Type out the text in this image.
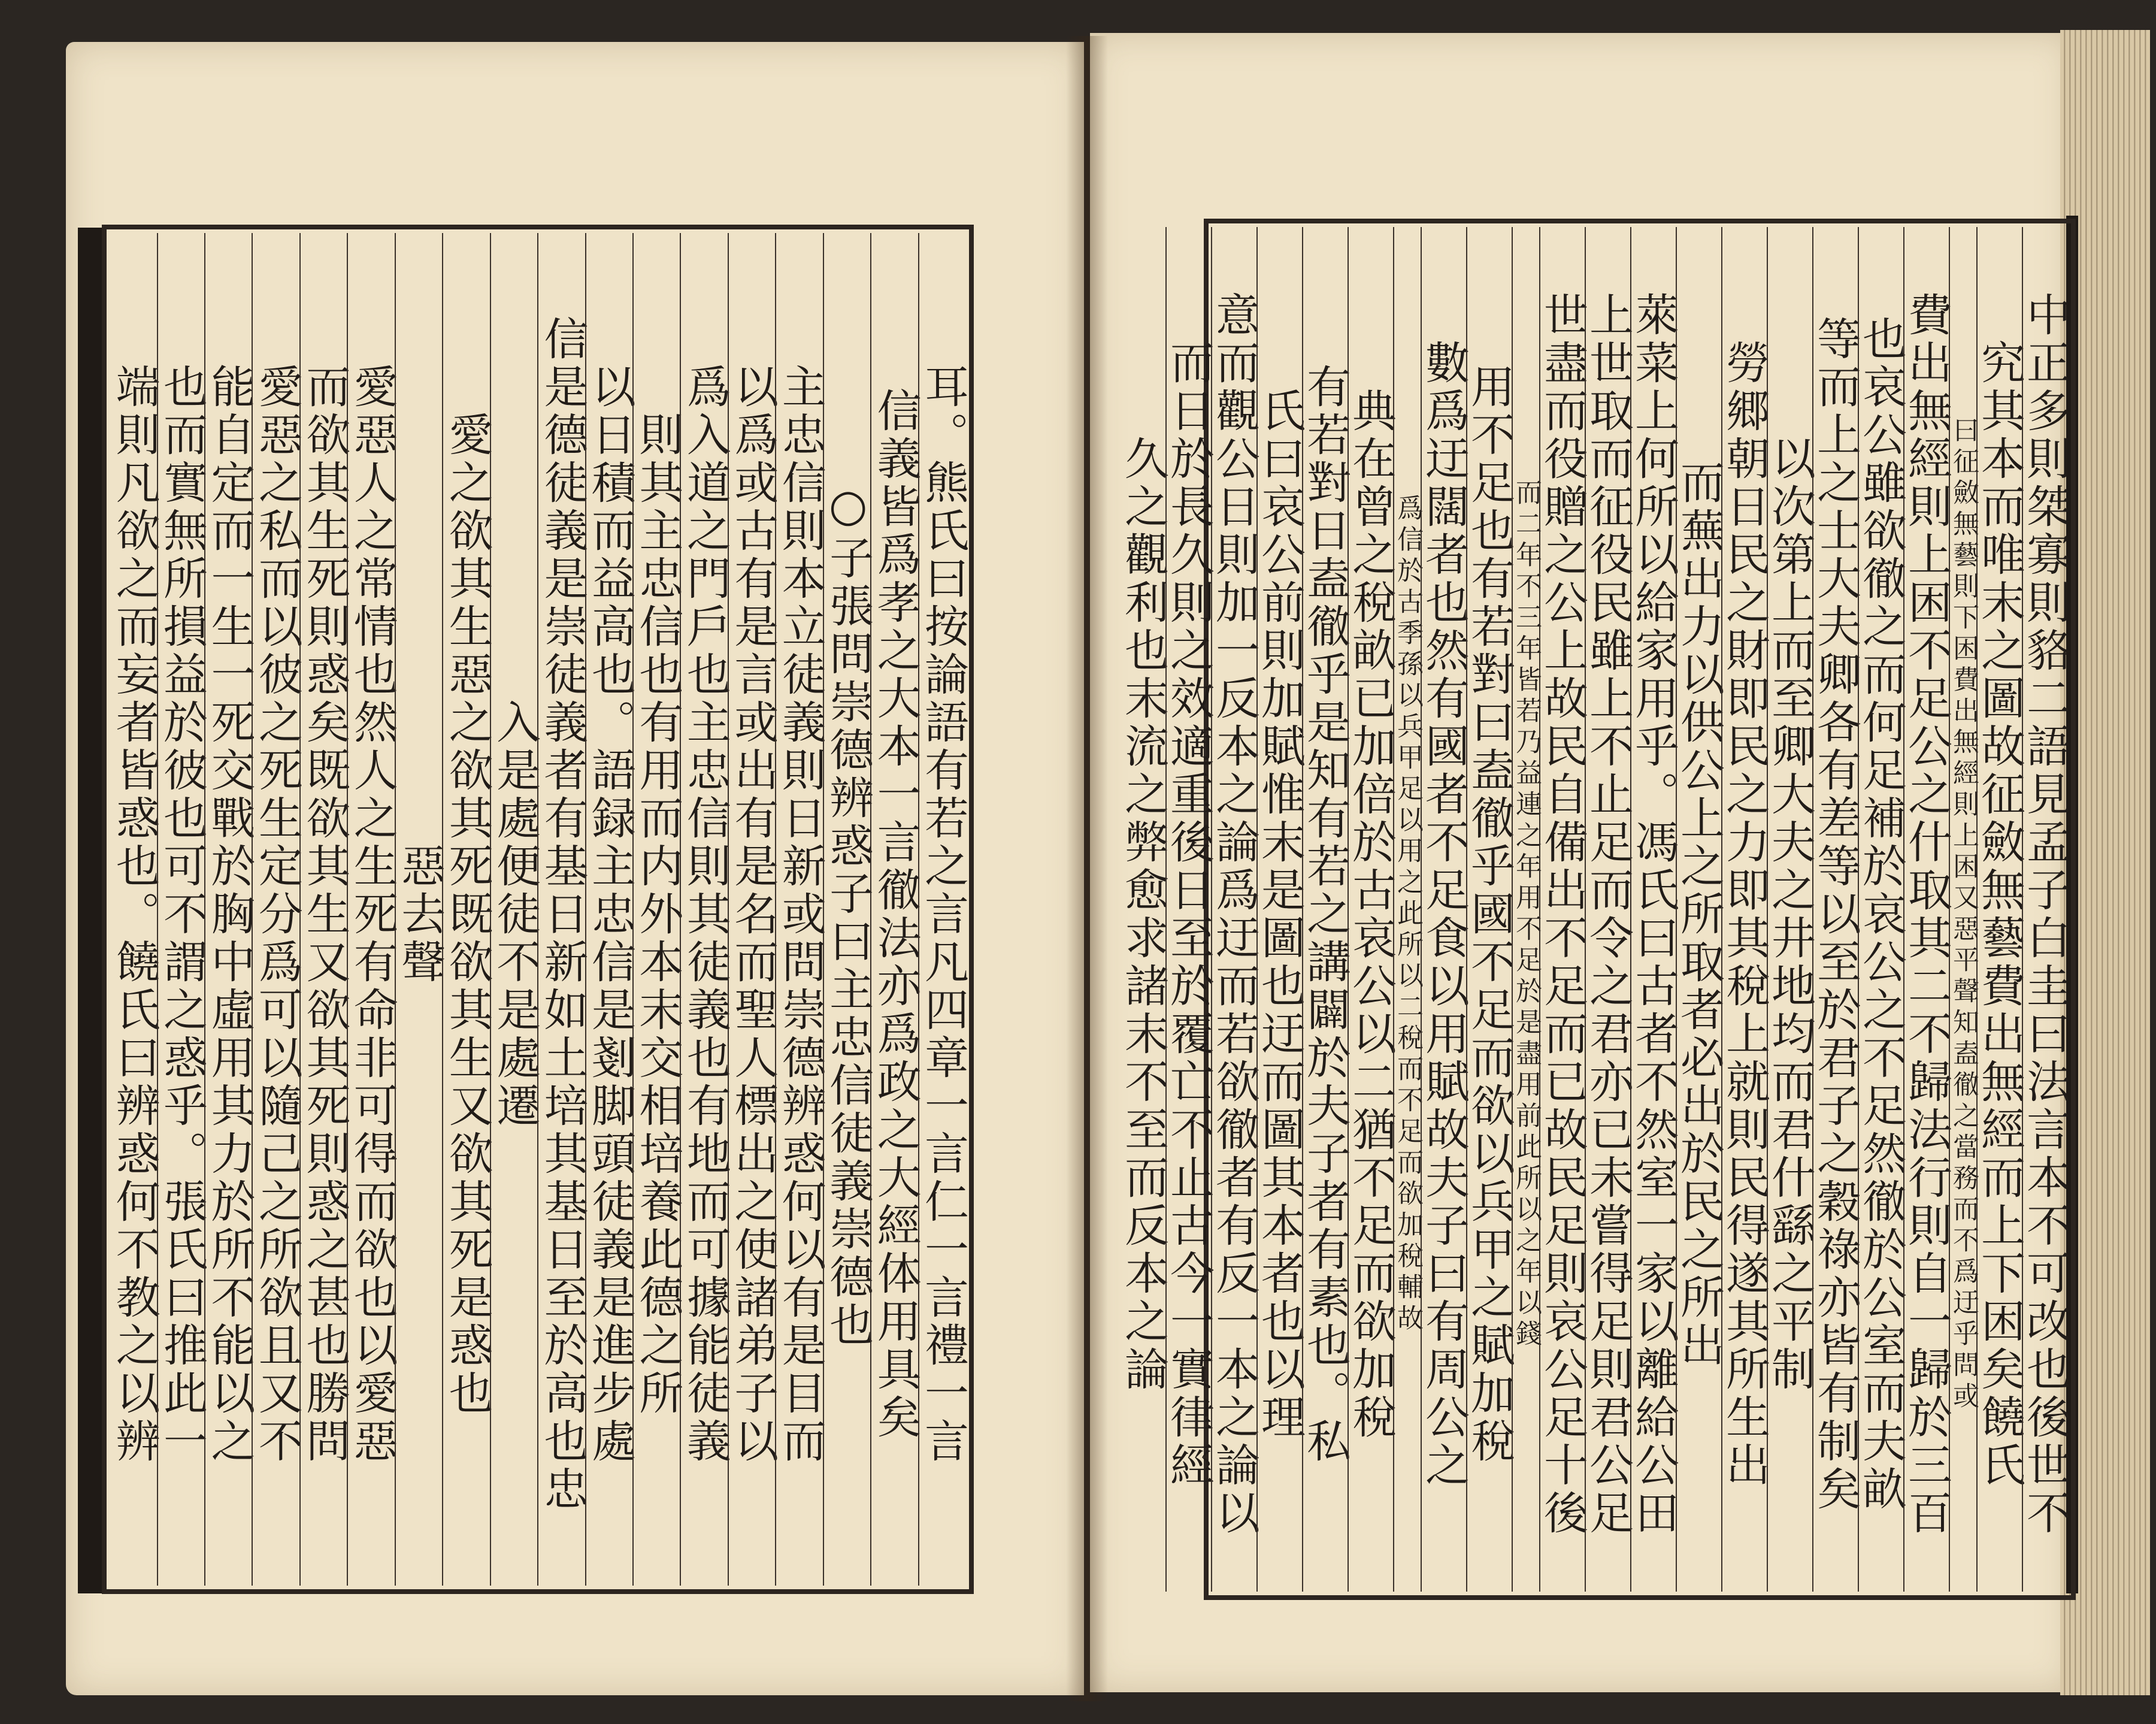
耳。熊氏曰按論語有若之言凡四章一言仁一言禮一言
信義皆爲孝之大本一言徹法亦爲政之大經体用具矣
○子張問崇德辨惑子曰主忠信徒義崇德也
主忠信則本立徒義則日新或問崇德辨惑何以有是目而
以爲或古有是言或出有是名而聖人標出之使諸弟子以
爲入道之門戶也主忠信則其徒義也有地而可據能徒義
則其主忠信也有用而内外本末交相培養此德之所
以日積而益高也。語録主忠信是剗脚頭徒義是進步處
信是德徒義是崇徒義者有基日新如土培其基日至於高也忠
入是處便徒不是處遷
愛之欲其生惡之欲其死既欲其生又欲其死是惑也
惡去聲
愛惡人之常情也然人之生死有命非可得而欲也以愛惡
而欲其生死則惑矣既欲其生又欲其死則惑之甚也勝問
愛惡之私而以彼之死生定分爲可以隨己之所欲且又不
能自定而一生一死交戰於胸中虛用其力於所不能以之
也而實無所損益於彼也可不謂之惑乎。張氏曰推此一
端則凡欲之而妄者皆惑也。饒氏曰辨惑何不教之以辨	中正多則桀寡則貉二語見孟子白圭曰法言本不可改也後世不
究其本而唯末之圖故征斂無藝費出無經而上下困矣饒氏
曰征斂無藝則下困費出無經則上困又惡平聲知盍徹之當務而不爲迂乎問或
費出無經則上困不足公之什取其二不歸法行則自一歸於三百
也哀公雖欲徹之而何足補於哀公之不足然徹於公室而夫畝
等而上之士大夫卿各有差等以至於君子之穀祿亦皆有制矣
以次第上而至卿大夫之井地均而君什繇之平制
勞郷朝日民之財即民之力即其稅上就則民得遂其所生出
而蕪出力以供公上之所取者必出於民之所出
萊菜上何所以給家用乎。馮氏曰古者不然室一家以離給公田
上世取而征役民雖上不止足而令之君亦已未嘗得足則君公足
世盡而役贈之公上故民自備出不足而已故民足則哀公足十後
而二年不三年皆若乃益連之年用不足於是盡用前此所以之年以錢
用不足也有若對曰盍徹乎國不足而欲以兵甲之賦加稅
數爲迂闊者也然有國者不足食以用賦故夫子曰有周公之
爲信於古季孫以兵甲足以用之此所以二稅而不足而欲加稅輔故
典在曾之稅畝已加倍於古哀公以二猶不足而欲加稅
有若對日盍徹乎是知有若之講闢於夫子者有素也。私
氏曰哀公前則加賦惟末是圖也迂而圖其本者也以理
意而觀公日則加一反本之論爲迂而若欲徹者有反一本之論以
而日於長久則之效適重後日至於覆亡不止古今一實律經
久之觀利也末流之弊愈求諸末不至而反本之論
